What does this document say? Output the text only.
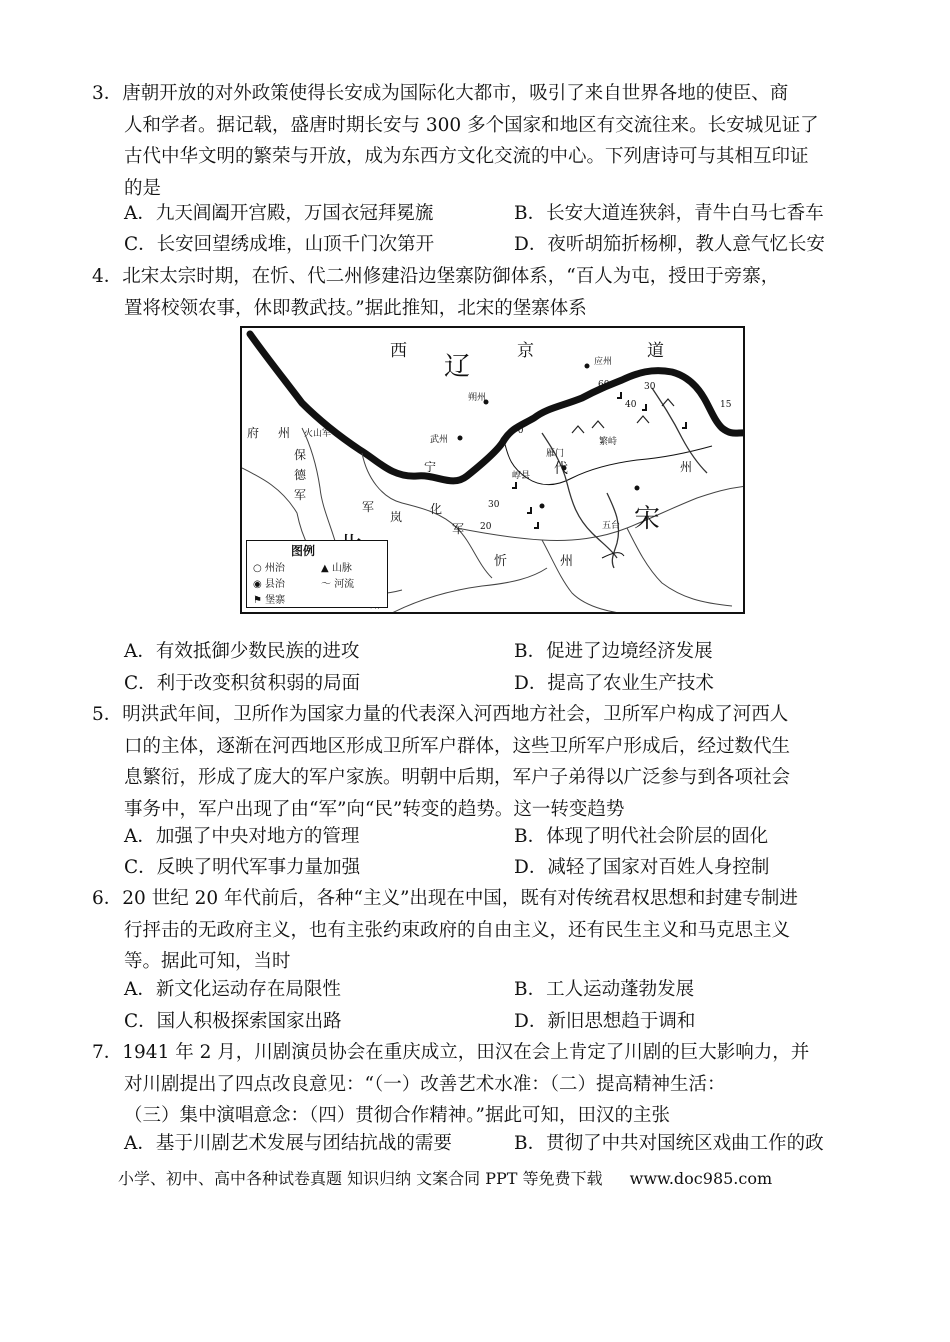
3．唐朝开放的对外政策使得长安成为国际化大都市，吸引了来自世界各地的使臣、商
人和学者。据记载，盛唐时期长安与 300 多个国家和地区有交流往来。长安城见证了
古代中华文明的繁荣与开放，成为东西方文化交流的中心。下列唐诗可与其相互印证
的是
A．九天阊阖开宫殿，万国衣冠拜冕旒	B．长安大道连狭斜，青牛白马七香车
C．长安回望绣成堆，山顶千门次第开	D．夜听胡笳折杨柳，教人意气忆长安
4．北宋太宗时期，在忻、代二州修建沿边堡寨防御体系，“百人为屯，授田于旁寨，
置将校领农事，休即教武技。”据此推知，北宋的堡寨体系
西	京	道
辽	应州
朔州
武州
府 州 火山军
保
德
军
军
岚
宁
化
军	宋
忻	州
代	州
繁峙
雁门
崞县
五台
60	30
40
70
30
20
15
图例
○ 州治	▲ 山脉
◉ 县治	〜 河流
⚑ 堡寨
A．有效抵御少数民族的进攻	B．促进了边境经济发展
C．利于改变积贫积弱的局面	D．提高了农业生产技术
5．明洪武年间，卫所作为国家力量的代表深入河西地方社会，卫所军户构成了河西人
口的主体，逐渐在河西地区形成卫所军户群体，这些卫所军户形成后，经过数代生
息繁衍，形成了庞大的军户家族。明朝中后期，军户子弟得以广泛参与到各项社会
事务中，军户出现了由“军”向“民”转变的趋势。这一转变趋势
A．加强了中央对地方的管理	B．体现了明代社会阶层的固化
C．反映了明代军事力量加强	D．减轻了国家对百姓人身控制
6．20 世纪 20 年代前后，各种“主义”出现在中国，既有对传统君权思想和封建专制进
行抨击的无政府主义，也有主张约束政府的自由主义，还有民生主义和马克思主义
等。据此可知，当时
A．新文化运动存在局限性	B．工人运动蓬勃发展
C．国人积极探索国家出路	D．新旧思想趋于调和
7．1941 年 2 月，川剧演员协会在重庆成立，田汉在会上肯定了川剧的巨大影响力，并
对川剧提出了四点改良意见：“（一）改善艺术水准：（二）提高精神生活：
（三）集中演唱意念：（四）贯彻合作精神。”据此可知，田汉的主张
A．基于川剧艺术发展与团结抗战的需要	B．贯彻了中共对国统区戏曲工作的政
小学、初中、高中各种试卷真题 知识归纳 文案合同 PPT 等免费下载 www.doc985.com
